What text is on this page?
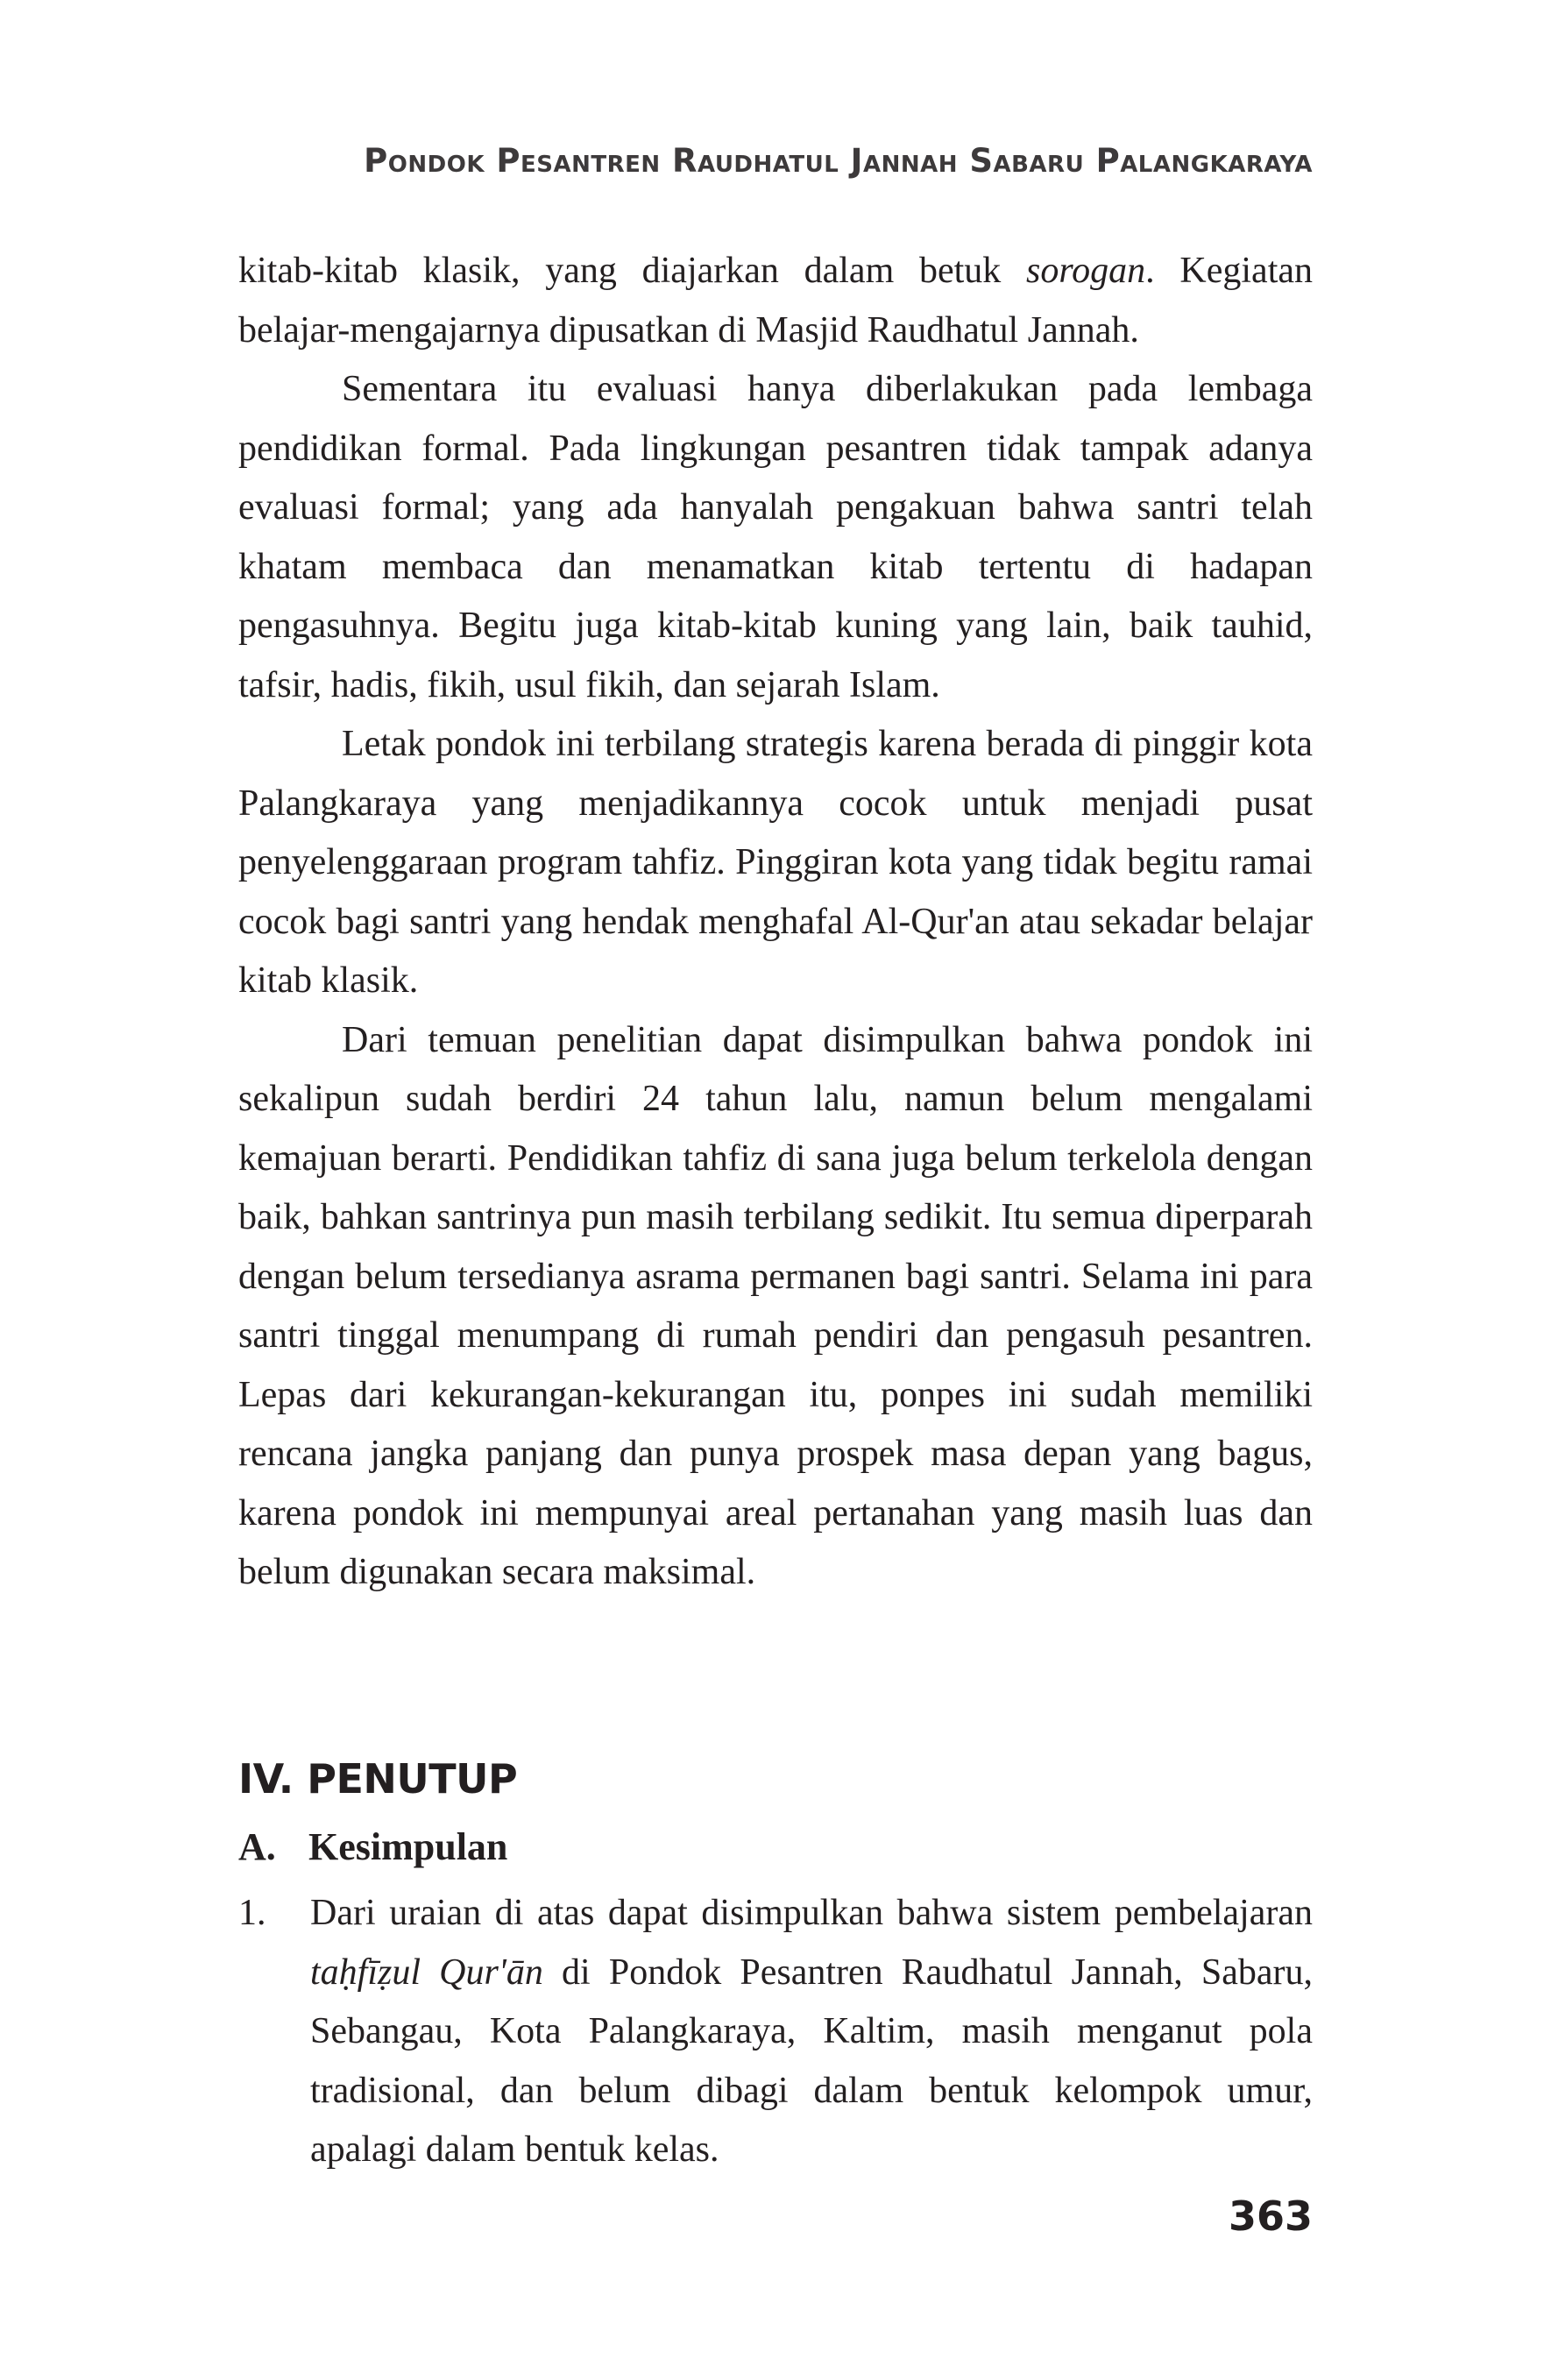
Pondok Pesantren Raudhatul Jannah Sabaru Palangkaraya

kitab-kitab klasik, yang diajarkan dalam betuk sorogan. Kegiatan belajar-mengajarnya dipusatkan di Masjid Raudhatul Jannah.

Sementara itu evaluasi hanya diberlakukan pada lembaga pendidikan formal. Pada lingkungan pesantren tidak tampak adanya evaluasi formal; yang ada hanyalah pengakuan bahwa santri telah khatam membaca dan menamatkan kitab tertentu di hadapan pengasuhnya. Begitu juga kitab-kitab kuning yang lain, baik tauhid, tafsir, hadis, fikih, usul fikih, dan sejarah Islam.

Letak pondok ini terbilang strategis karena berada di pinggir kota Palangkaraya yang menjadikannya cocok untuk menjadi pusat penyelenggaraan program tahfiz. Pinggiran kota yang tidak begitu ramai cocok bagi santri yang hendak menghafal Al-Qur'an atau sekadar belajar kitab klasik.

Dari temuan penelitian dapat disimpulkan bahwa pondok ini sekalipun sudah berdiri 24 tahun lalu, namun belum mengalami kemajuan berarti. Pendidikan tahfiz di sana juga belum terkelola dengan baik, bahkan santrinya pun masih terbilang sedikit. Itu semua diperparah dengan belum tersedianya asrama permanen bagi santri. Selama ini para santri tinggal menumpang di rumah pendiri dan pengasuh pesantren. Lepas dari kekurangan-kekurangan itu, ponpes ini sudah memiliki rencana jangka panjang dan punya prospek masa depan yang bagus, karena pondok ini mempunyai areal pertanahan yang masih luas dan belum digunakan secara maksimal.

IV. PENUTUP
A. Kesimpulan
1.	Dari uraian di atas dapat disimpulkan bahwa sistem pembelajaran taḥfīẓul Qur'ān di Pondok Pesantren Raudhatul Jannah, Sabaru, Sebangau, Kota Palangkaraya, Kaltim, masih menganut pola tradisional, dan belum dibagi dalam bentuk kelompok umur, apalagi dalam bentuk kelas.
363
